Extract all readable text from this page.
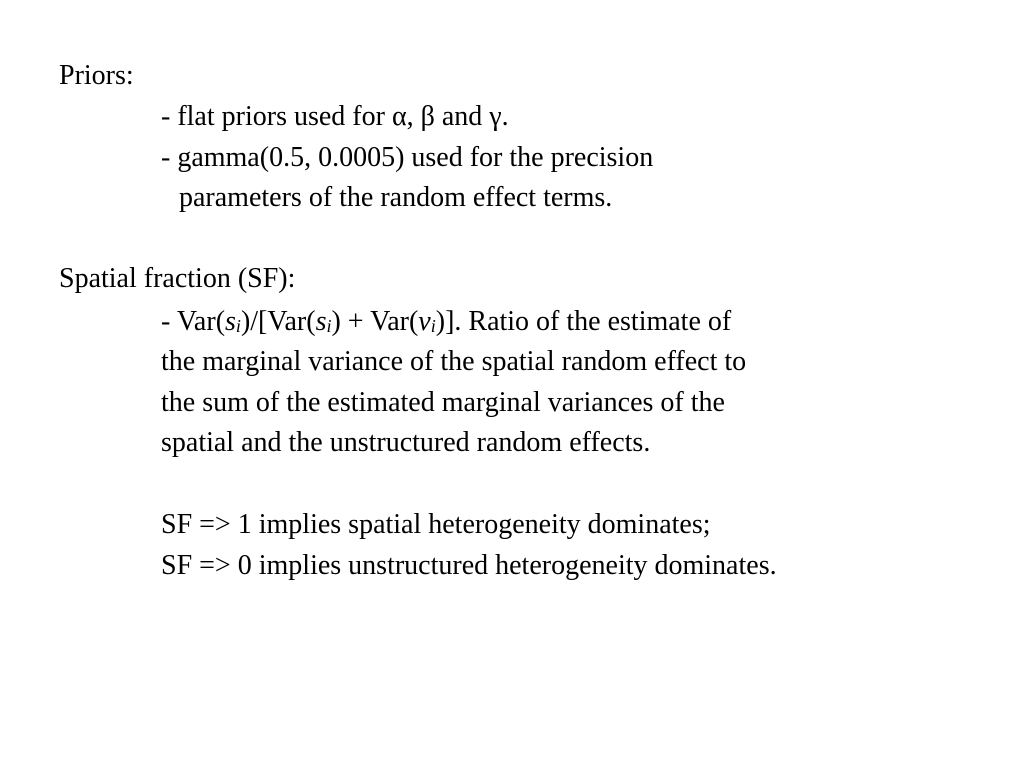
Priors:
- flat priors used for α, β and γ.
- gamma(0.5, 0.0005) used for the precision
parameters of the random effect terms.
Spatial fraction (SF):
- $Var(s_i)/[Var(s_i) + Var(v_i)]$. Ratio of the estimate of
the marginal variance of the spatial random effect to
the sum of the estimated marginal variances of the
spatial and the unstructured random effects.
SF => 1 implies spatial heterogeneity dominates;
SF => 0 implies unstructured heterogeneity dominates.
